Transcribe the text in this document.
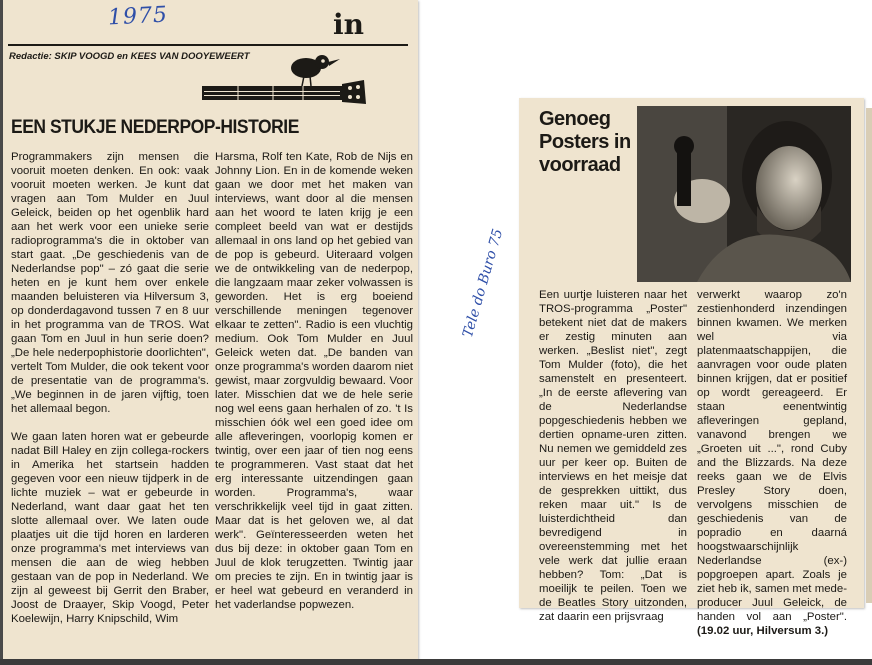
1975	in
Redactie: SKIP VOOGD en KEES VAN DOOYEWEERT
EEN STUKJE NEDERPOP-HISTORIE

Programmakers zijn mensen die vooruit moeten denken. En ook: vaak vooruit moeten werken. Je kunt dat vragen aan Tom Mulder en Juul Geleick, beiden op het ogenblik hard aan het werk voor een unieke serie radioprogramma's die in oktober van start gaat. „De geschiedenis van de Nederlandse pop" – zó gaat die serie heten en je kunt hem over enkele maanden beluisteren via Hilversum 3, op donderdagavond tussen 7 en 8 uur in het programma van de TROS. Wat gaan Tom en Juul in hun serie doen? „De hele nederpophistorie doorlichten", vertelt Tom Mulder, die ook tekent voor de presentatie van de programma's. „We beginnen in de jaren vijftig, toen het allemaal begon.

We gaan laten horen wat er gebeurde nadat Bill Haley en zijn collega-rockers in Amerika het startsein hadden gegeven voor een nieuw tijdperk in de lichte muziek – wat er gebeurde in Nederland, want daar gaat het ten slotte allemaal over. We laten oude plaatjes uit die tijd horen en larderen onze programma's met interviews van mensen die aan de wieg hebben gestaan van de pop in Nederland. We zijn al geweest bij Gerrit den Braber, Joost de Draayer, Skip Voogd, Peter Koelewijn, Harry Knipschild, Wim

Harsma, Rolf ten Kate, Rob de Nijs en Johnny Lion. En in de komende weken gaan we door met het maken van interviews, want door al die mensen aan het woord te laten krijg je een compleet beeld van wat er destijds allemaal in ons land op het gebied van de pop is gebeurd. Uiteraard volgen we de ontwikkeling van de nederpop, die langzaam maar zeker volwassen is geworden. Het is erg boeiend verschillende meningen tegenover elkaar te zetten". Radio is een vluchtig medium. Ook Tom Mulder en Juul Geleick weten dat. „De banden van onze programma's worden daarom niet gewist, maar zorgvuldig bewaard. Voor later. Misschien dat we de hele serie nog wel eens gaan herhalen of zo. 't Is misschien óók wel een goed idee om alle afleveringen, voorlopig komen er twintig, over een jaar of tien nog eens te programmeren. Vast staat dat het erg interessante uitzendingen gaan worden. Programma's, waar verschrikkelijk veel tijd in gaat zitten. Maar dat is het geloven we, al dat werk". Geïnteresseerden weten het dus bij deze: in oktober gaan Tom en Juul de klok terugzetten. Twintig jaar om precies te zijn. En in twintig jaar is er heel wat gebeurd en veranderd in het vaderlandse popwezen.

Tele do Buro 75
Genoeg Posters in voorraad

Een uurtje luisteren naar het TROS-programma „Poster" betekent niet dat de makers er zestig minuten aan werken. „Beslist niet", zegt Tom Mulder (foto), die het samenstelt en presenteert. „In de eerste aflevering van de Nederlandse popgeschiedenis hebben we dertien opname-uren zitten. Nu nemen we gemiddeld zes uur per keer op. Buiten de interviews en het meisje dat de gesprekken uittikt, dus reken maar uit." Is de luisterdichtheid dan bevredigend in overeenstemming met het vele werk dat jullie eraan hebben? Tom: „Dat is moeilijk te peilen. Toen we de Beatles Story uitzonden, zat daarin een prijsvraag

verwerkt waarop zo'n zestienhonderd inzendingen binnen kwamen. We merken wel via platenmaatschappijen, die aanvragen voor oude platen binnen krijgen, dat er positief op wordt gereageerd. Er staan eenentwintig afleveringen gepland, vanavond brengen we „Groeten uit ...", rond Cuby and the Blizzards. Na deze reeks gaan we de Elvis Presley Story doen, vervolgens misschien de geschiedenis van de popradio en daarná hoogstwaarschijnlijk Nederlandse (ex-) popgroepen apart. Zoals je ziet heb ik, samen met mede-producer Juul Geleick, de handen vol aan „Poster". (19.02 uur, Hilversum 3.)
